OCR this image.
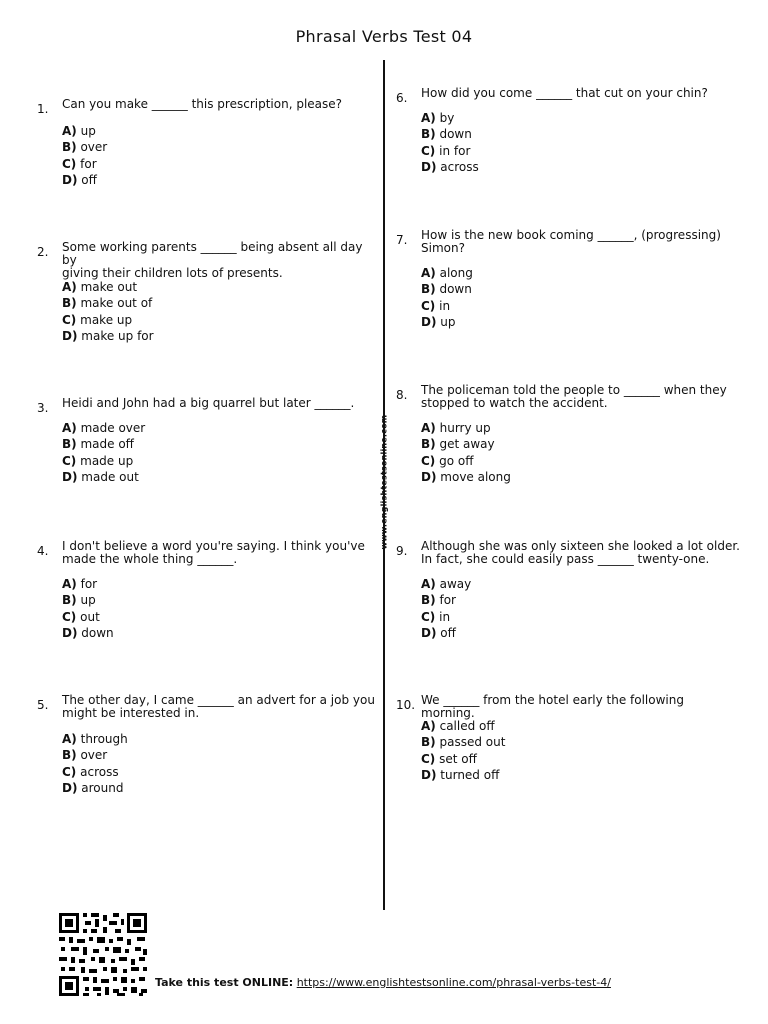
Phrasal Verbs Test 04
www.englishtestsonline.com
1. Can you make ______ this prescription, please?
A) up
B) over
C) for
D) off
2. Some working parents ______ being absent all day by
giving their children lots of presents.
A) make out
B) make out of
C) make up
D) make up for
3. Heidi and John had a big quarrel but later ______.
A) made over
B) made off
C) made up
D) made out
4. I don't believe a word you're saying. I think you've
made the whole thing ______.
A) for
B) up
C) out
D) down
5. The other day, I came ______ an advert for a job you
might be interested in.
A) through
B) over
C) across
D) around
6. How did you come ______ that cut on your chin?
A) by
B) down
C) in for
D) across
7. How is the new book coming ______, (progressing)
Simon?
A) along
B) down
C) in
D) up
8. The policeman told the people to ______ when they
stopped to watch the accident.
A) hurry up
B) get away
C) go off
D) move along
9. Although she was only sixteen she looked a lot older.
In fact, she could easily pass ______ twenty-one.
A) away
B) for
C) in
D) off
10. We ______ from the hotel early the following morning.
A) called off
B) passed out
C) set off
D) turned off
Take this test ONLINE: https://www.englishtestsonline.com/phrasal-verbs-test-4/
